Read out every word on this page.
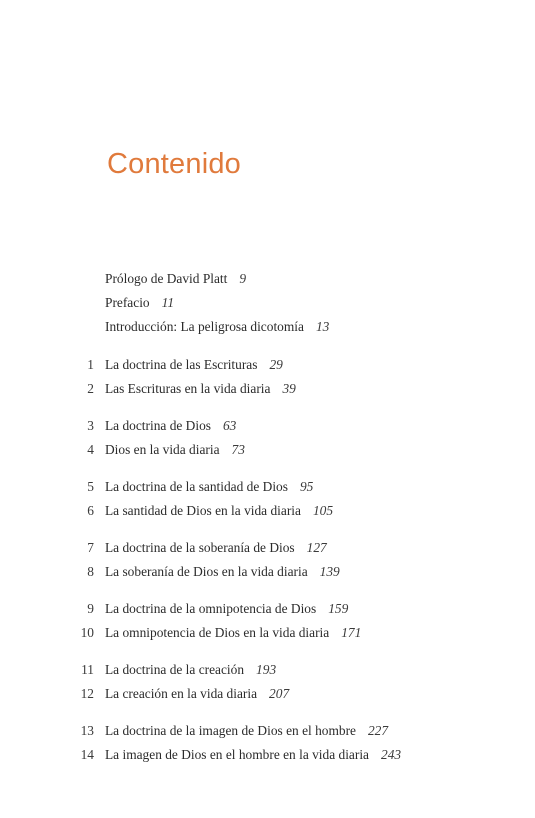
Contenido
Prólogo de David Platt 9
Prefacio 11
Introducción: La peligrosa dicotomía 13
1 La doctrina de las Escrituras 29
2 Las Escrituras en la vida diaria 39
3 La doctrina de Dios 63
4 Dios en la vida diaria 73
5 La doctrina de la santidad de Dios 95
6 La santidad de Dios en la vida diaria 105
7 La doctrina de la soberanía de Dios 127
8 La soberanía de Dios en la vida diaria 139
9 La doctrina de la omnipotencia de Dios 159
10 La omnipotencia de Dios en la vida diaria 171
11 La doctrina de la creación 193
12 La creación en la vida diaria 207
13 La doctrina de la imagen de Dios en el hombre 227
14 La imagen de Dios en el hombre en la vida diaria 243
